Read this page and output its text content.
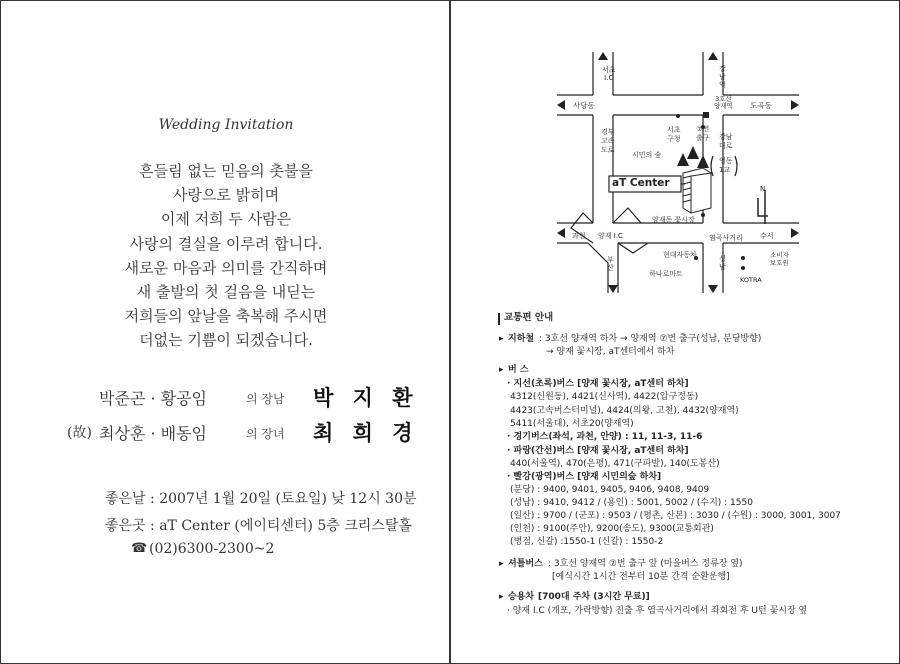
Wedding Invitation
흔들림 없는 믿음의 촛불을
사랑으로 밝히며
이제 저희 두 사람은
사랑의 결실을 이루려 합니다.
새로운 마음과 의미를 간직하며
새 출발의 첫 걸음을 내딛는
저희들의 앞날을 축복해 주시면
더없는 기쁨이 되겠습니다.
박준곤 · 황공임	의 장남 박 지 환
(故) 최상훈 · 배동임	의 장녀 최 희 경
좋은날 : 2007년 1월 20일 (토요일) 낮 12시 30분
좋은곳 : aT Center (에이티센터) 5층 크리스탈홀
☎ (02)6300-2300~2
서초
I.C
강
남
역
사당동	도곡동
3호선
양재역
경부
고속
도로
서초
구청
⑦번
출구 강남
대로
시민의 숲
영동
1교
aT Center
양재동 꽃시장
과천 양재 I.C	염곡사거리 수서
부
산
현대자동차
하나로마트
성
남
소비자
보호원
KOTRA
N
교통편 안내
▸ 지하철 : 3호선 양재역 하차 → 양재역 ⑦번 출구(성남, 분당방향)
→ 양재 꽃시장, aT센터에서 하차
▸ 버 스
· 지선(초록)버스 [양재 꽃시장, aT센터 하차]
4312(신원동), 4421(신사역), 4422(압구정동)
4423(고속버스터미널), 4424(의왕, 고천), 4432(양재역)
5411(서울대), 서초20(양재역)
· 경기버스(좌석, 과천, 안양) : 11, 11-3, 11-6
· 파랑(간선)버스 [양재 꽃시장, aT센터 하차]
440(서울역), 470(은평), 471(구파발), 140(도봉산)
· 빨강(광역)버스 [양재 시민의숲 하차]
(분당) : 9400, 9401, 9405, 9406, 9408, 9409
(성남) : 9410, 9412 / (용인) : 5001, 5002 / (수지) : 1550
(일산) : 9700 / (군포) : 9503 / (평촌, 산본) : 3030 / (수원) : 3000, 3001, 3007
(인천) : 9100(주안), 9200(송도), 9300(교통회관)
(병점, 신갈) :1550-1 (신갈) : 1550-2
▸ 셔틀버스 : 3호선 양재역 ⑦번 출구 앞 (마을버스 정류장 옆)
[예식시간 1시간 전부터 10분 간격 순환운행]
▸ 승용차 [700대 주차 (3시간 무료)]
· 양재 I.C (개포, 가락방향) 진출 후 염곡사거리에서 좌회전 후 U턴 꽃시장 옆
